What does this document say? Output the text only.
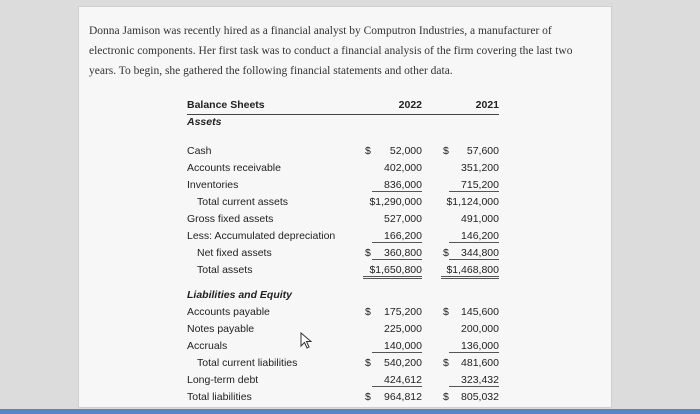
Donna Jamison was recently hired as a financial analyst by Computron Industries, a manufacturer of
electronic components. Her first task was to conduct a financial analysis of the firm covering the last two
years. To begin, she gathered the following financial statements and other data.
Balance Sheets	2022	2021
Assets
Cash	$	52,000 $	57,600
Accounts receivable	402,000	351,200
Inventories	836,000	715,200
Total current assets	$1,290,000	$1,124,000
Gross fixed assets	527,000	491,000
Less: Accumulated depreciation	166,200	146,200
Net fixed assets	$	360,800 $	344,800
Total assets	$1,650,800	$1,468,800
Liabilities and Equity
Accounts payable	$	175,200 $	145,600
Notes payable	225,000	200,000
Accruals	140,000	136,000
Total current liabilities	$	540,200 $	481,600
Long-term debt	424,612	323,432
Total liabilities	$	964,812 $	805,032
